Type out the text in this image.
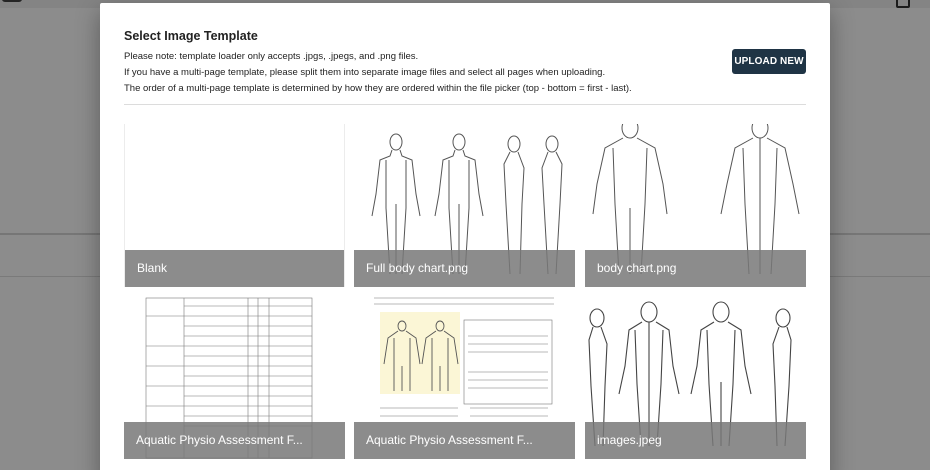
Select Image Template
Please note: template loader only accepts .jpgs, .jpegs, and .png files.
If you have a multi-page template, please split them into separate image files and select all pages when uploading.
The order of a multi-page template is determined by how they are ordered within the file picker (top - bottom = first - last).
UPLOAD NEW
Blank	Full body chart.png	body chart.png
Aquatic Physio Assessment F...	Aquatic Physio Assessment F...	images.jpeg
